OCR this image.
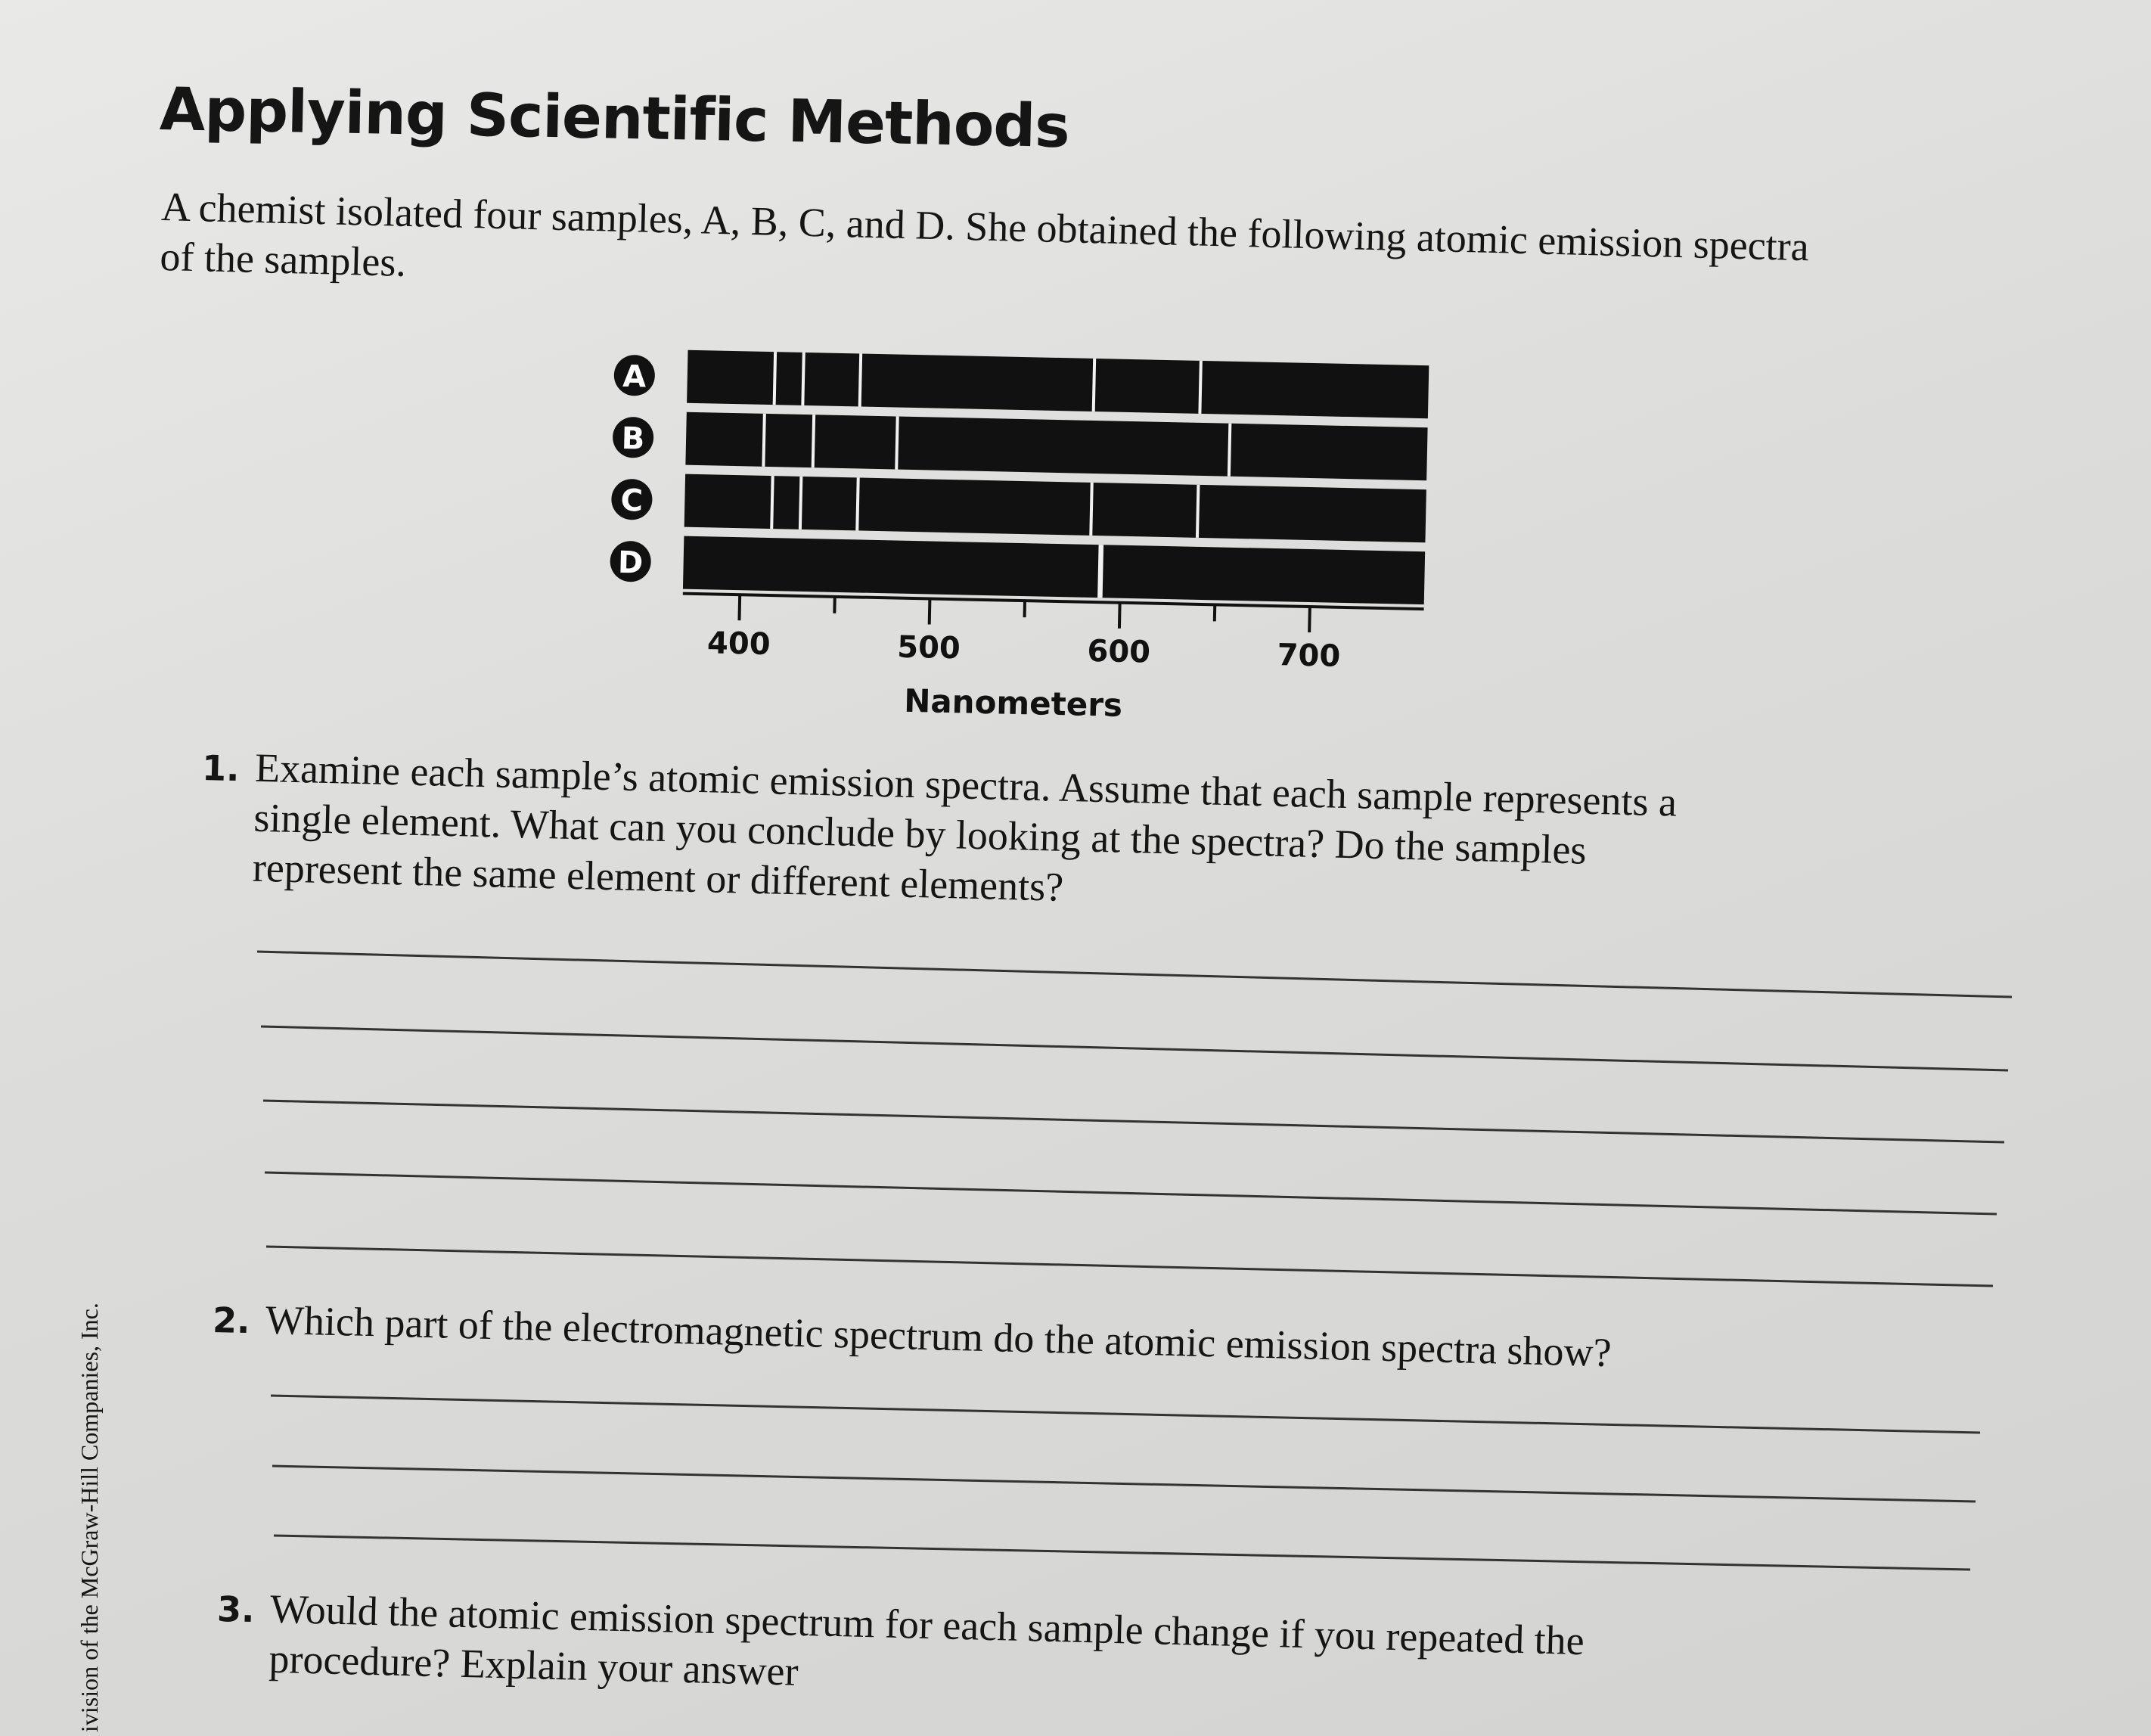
Applying Scientific Methods

A chemist isolated four samples, A, B, C, and D. She obtained the following atomic emission spectra of the samples.

A
B
C
D
400	500	600	700
Nanometers
1. Examine each sample’s atomic emission spectra. Assume that each sample represents a single element. What can you conclude by looking at the spectra? Do the samples represent the same element or different elements?
2. Which part of the electromagnetic spectrum do the atomic emission spectra show?
3. Would the atomic emission spectrum for each sample change if you repeated the procedure? Explain your answer

ivision of the McGraw-Hill Companies, Inc.
